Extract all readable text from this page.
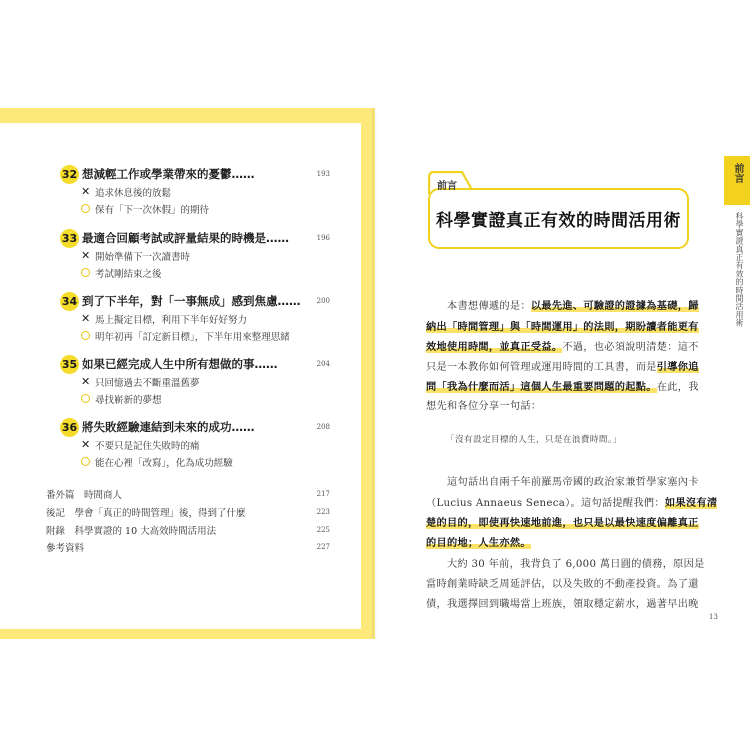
32 想減輕工作或學業帶來的憂鬱……	193
✕ 追求休息後的放鬆
保有「下一次休假」的期待
33 最適合回顧考試或評量結果的時機是……	196
✕ 開始準備下一次讀書時
考試剛結束之後
34 到了下半年，對「一事無成」感到焦慮……	200
✕ 馬上擬定目標，利用下半年好好努力
明年初再「訂定新目標」，下半年用來整理思緒
35 如果已經完成人生中所有想做的事……	204
✕ 只回憶過去不斷重溫舊夢
尋找嶄新的夢想
36 將失敗經驗連結到未來的成功……	208
✕ 不要只是記住失敗時的痛
能在心裡「改寫」，化為成功經驗
番外篇　時間商人	217
後記　學會「真正的時間管理」後，得到了什麼	223
附錄　科學實證的 10 大高效時間活用法	225
參考資料	227
前言
科學實證真正有效的時間活用術
前言
科學實證真正有效的時間活用術
本書想傳遞的是：以最先進、可驗證的證據為基礎，歸
納出「時間管理」與「時間運用」的法則，期盼讀者能更有
效地使用時間，並真正受益。不過，也必須說明清楚：這不
只是一本教你如何管理或運用時間的工具書，而是引導你追
問「我為什麼而活」這個人生最重要問題的起點。在此，我
想先和各位分享一句話：
這句話出自兩千年前羅馬帝國的政治家兼哲學家塞內卡
（Lucius Annaeus Seneca）。這句話提醒我們：如果沒有清
楚的目的，即使再快速地前進，也只是以最快速度偏離真正
的目的地；人生亦然。
大約 30 年前，我背負了 6,000 萬日圓的債務，原因是
當時創業時缺乏周延評估，以及失敗的不動產投資。為了還
債，我選擇回到職場當上班族，領取穩定薪水，過著早出晚
「沒有設定目標的人生，只是在浪費時間。」
13
